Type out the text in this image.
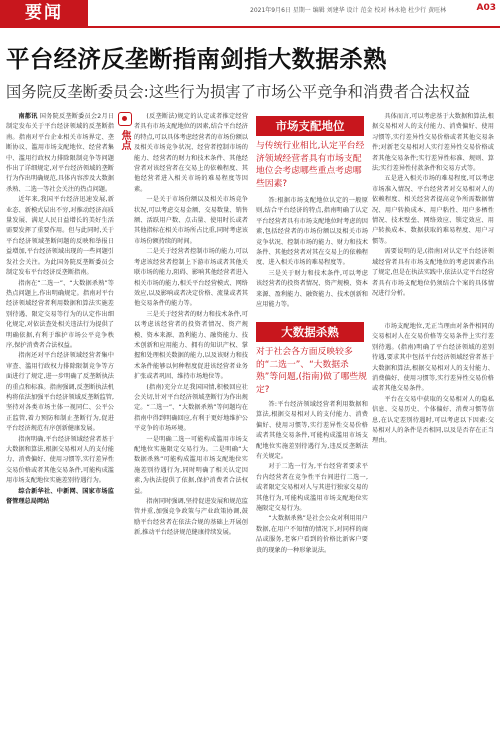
要闻	2021年9月6日 星期一 编辑 刘建华 设计 范金 校对 林永艳 杜少行 黄旺林	A03
平台经济反垄断指南剑指大数据杀熟
国务院反垄断委员会:这些行为损害了市场公平竞争和消费者合法权益

南都讯 国务院反垄断委员会2月日制定发布关于平台经济领域的反垄断指南。指南对平台企业相关市场界定、垄断协议、滥用市场支配地位、经营者集中、滥用行政权力排除限制竞争等问题作出了详细规定,对平台经济领域的垄断行为作出明确规范,具体内容涉及大数据杀熟、二选一等社会关注的热点问题。

近年来,我国平台经济迅速发展,新业态、新模式层出不穷,对推动经济高质量发展、满足人民日益增长的美好生活需要发挥了重要作用。但与此同时,关于平台经济领域垄断问题的反映和举报日益增加,平台经济领域出现的一些问题引发社会关注。为此国务院反垄断委员会制定发布平台经济反垄断指南。

指南在“二选一”、“大数据杀熟”等热点问题上,作出明确规定。指南对平台经济领域经营者利用数据和算法实施差别待遇、限定交易等行为的认定作出细化规定,对依法查处相关违法行为提供了明确依据,有利于维护市场公平竞争秩序,保护消费者合法权益。

指南还对平台经济领域经营者集中审查、滥用行政权力排除限制竞争等方面进行了规定,进一步明确了反垄断执法的重点和标准。指南强调,反垄断执法机构将依法加强平台经济领域反垄断监管,坚持对各类市场主体一视同仁、公平公正监管,着力预防和制止垄断行为,促进平台经济规范有序创新健康发展。

指南明确,平台经济领域经营者基于大数据和算法,根据交易相对人的支付能力、消费偏好、使用习惯等,实行差异性交易价格或者其他交易条件,可能构成滥用市场支配地位实施差别待遇行为。

综合新华社、中新网、国家市场监督管理总局网站

焦点

(反垄断法)规定的认定或者推定经营者具有市场支配地位的因素,结合平台经济的特点,可以具体考虑经营者的市场份额以及相关市场竞争状况、经营者控制市场的能力、经营者的财力和技术条件、其他经营者对该经营者在交易上的依赖程度、其他经营者进入相关市场的难易程度等因素。

一是关于市场份额以及相关市场竞争状况,可以考虑交易金额、交易数量、销售额、活跃用户数、点击量、使用时长或者其他指标在相关市场所占比重,同时考虑该市场份额持续的时间。

二是关于经营者控制市场的能力,可以考虑该经营者控制上下游市场或者其他关联市场的能力,阻碍、影响其他经营者进入相关市场的能力,相关平台经营模式、网络效应,以及影响或者决定价格、流量或者其他交易条件的能力等。

三是关于经营者的财力和技术条件,可以考虑该经营者的投资者情况、资产规模、资本来源、盈利能力、融资能力、技术创新和应用能力、拥有的知识产权、掌握和处理相关数据的能力,以及该财力和技术条件能够以何种程度促进该经营者业务扩张或者巩固、维持市场地位等。

(指南)充分立足我国国情,积极回应社会关切,针对平台经济领域垄断行为作出规定。“二选一”、“大数据杀熟”等问题均在指南中得到明确回应,有利于更好地维护公平竞争的市场环境。

一是明确二选一可能构成滥用市场支配地位实施限定交易行为。二是明确“大数据杀熟”可能构成滥用市场支配地位实施差别待遇行为,同时明确了相关认定因素,为执法提供了依据,保护消费者合法权益。

指南同时强调,坚持促进发展和规范监管并重,加强竞争政策与产业政策协调,鼓励平台经营者在依法合规的基础上开展创新,推动平台经济规范健康持续发展。

市场支配地位
与传统行业相比,认定平台经济领域经营者具有市场支配地位会考虑哪些重点考虑哪些因素?

答:根据市场支配地位认定的一般原则,结合平台经济的特点,指南明确了认定平台经营者具有市场支配地位时考虑的因素,包括经营者的市场份额以及相关市场竞争状况、控制市场的能力、财力和技术条件、其他经营者对其在交易上的依赖程度、进入相关市场的难易程度等。

三是关于财力和技术条件,可以考虑该经营者的投资者情况、资产规模、资本来源、盈利能力、融资能力、技术创新和应用能力等。

具体而言,可以考虑基于大数据和算法,根据交易相对人的支付能力、消费偏好、使用习惯等,实行差异性交易价格或者其他交易条件;对新老交易相对人实行差异性交易价格或者其他交易条件;实行差异性标准、规则、算法;实行差异性付款条件和交易方式等。

五是进入相关市场的难易程度,可以考虑市场准入情况、平台经营者对交易相对人的依赖程度、相关经营者提高竞争所需数据情况、用户转换成本、用户粘性、用户多栖性情况、技术壁垒、网络效应、锁定效应、用户转换成本、数据获取的难易程度、用户习惯等。

需要说明的是,(指南)对认定平台经济领域经营者具有市场支配地位的考虑因素作出了规定,但是在执法实践中,依法认定平台经营者具有市场支配地位仍须结合个案的具体情况进行分析。

大数据杀熟
对于社会各方面反映较多的“二选一”、“大数据杀熟”等问题,(指南)做了哪些规定?

答:平台经济领域经营者利用数据和算法,根据交易相对人的支付能力、消费偏好、使用习惯等,实行差异性交易价格或者其他交易条件,可能构成滥用市场支配地位实施差别待遇行为,违反反垄断法有关规定。

对于二选一行为,平台经营者要求平台内经营者在竞争性平台间进行二选一,或者限定交易相对人与其进行独家交易的其他行为,可能构成滥用市场支配地位实施限定交易行为。

“大数据杀熟”是社会公众对利用用户数据,在用户不知情的情况下,对同样的商品或服务,老客户看到的价格比新客户要贵的现象的一种形象说法。

市场支配地位,无正当理由对条件相同的交易相对人在交易价格等交易条件上实行差别待遇。(指南)明确了平台经济领域的差别待遇,要求其中包括平台经济领域经营者基于大数据和算法,根据交易相对人的支付能力、消费偏好、使用习惯等,实行差异性交易价格或者其他交易条件。

平台在交易中获取的交易相对人的隐私信息、交易历史、个体偏好、消费习惯等信息,在认定差别待遇时,可以考虑以下因素:交易相对人的条件是否相同,以及是否存在正当理由。
